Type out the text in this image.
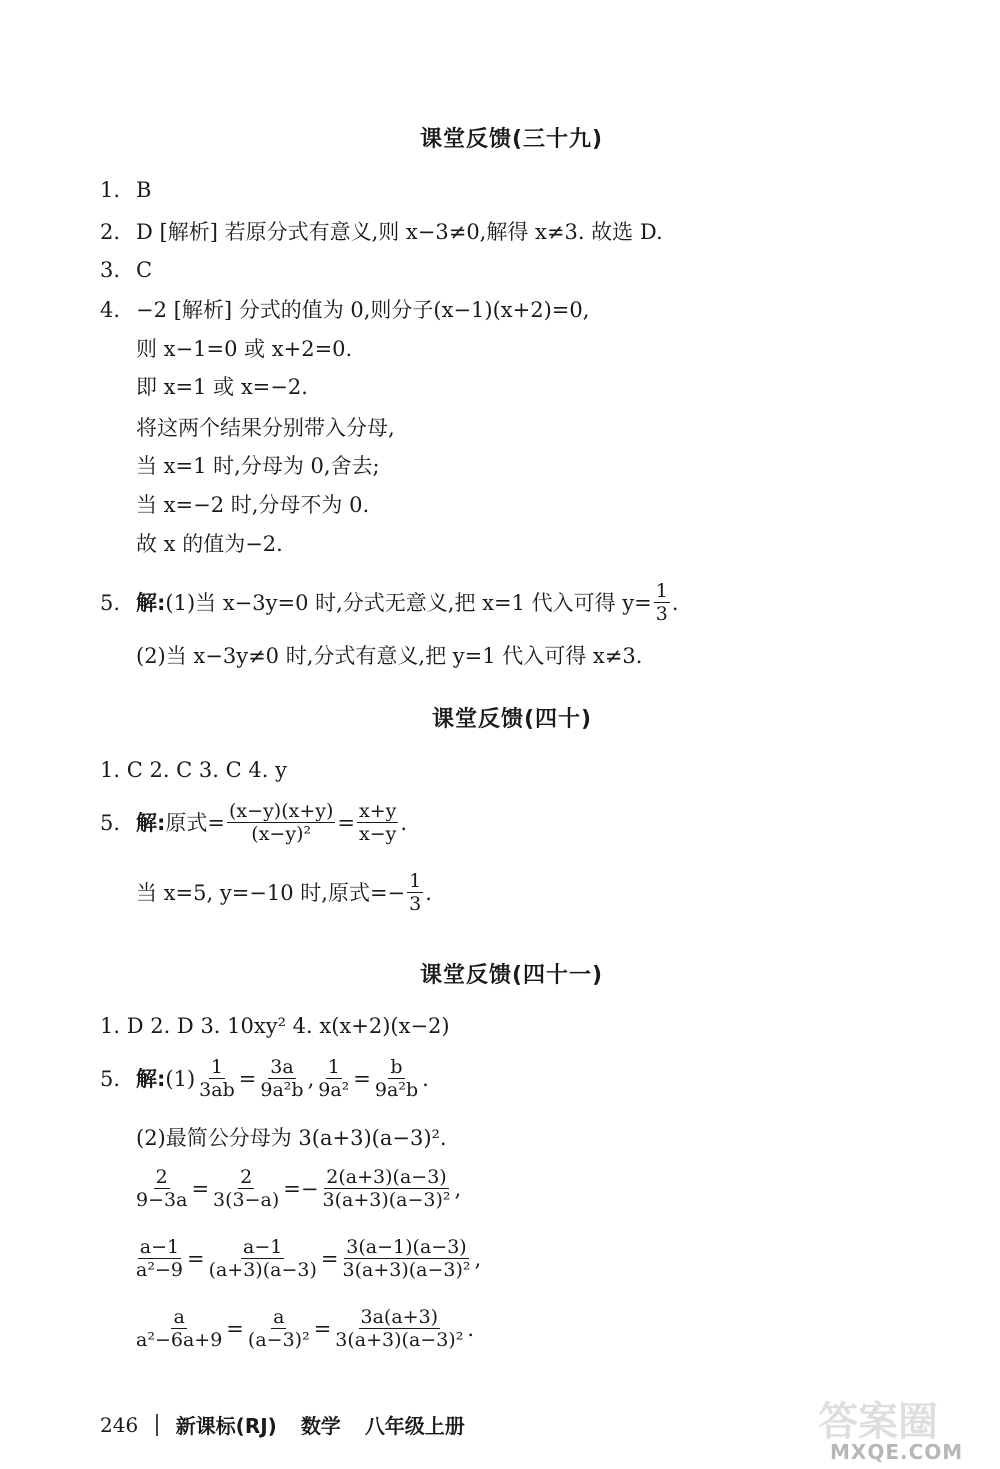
课堂反馈(三十九)
1. B
2. D [解析] 若原分式有意义,则 x−3≠0,解得 x≠3. 故选 D.
3. C
4. −2 [解析] 分式的值为 0,则分子(x−1)(x+2)=0,
则 x−1=0 或 x+2=0.
即 x=1 或 x=−2.
将这两个结果分别带入分母,
当 x=1 时,分母为 0,舍去;
当 x=−2 时,分母不为 0.
故 x 的值为−2.
5. 解: (1)当 x−3y=0 时,分式无意义,把 x=1 代入可得 $y= \frac{1}{3}$ .
(2)当 x−3y≠0 时,分式有意义,把 y=1 代入可得 x≠3.
课堂反馈(四十)
1. C 2. C 3. C 4. y
5. 解: 原式= $\frac{(x-y)(x+y)}{\text{(x−y)²}} = \frac{x+y}{x-y}$ .
当 x=5, y=−10 时,原式=− $\frac{1}{3}$ .
课堂反馈(四十一)
1. D 2. D 3. 10xy² 4. x(x+2)(x−2)
5. 解: $(1) \frac{1}{3ab} = \frac{3a}{\text{9a²b}}$ , $\frac{1}{\text{9a²}} = \frac{b}{\text{9a²b}}$ .
(2)最简公分母为 3(a+3)(a−3)².
$\frac{2}{9-3a} = \frac{2}{3(3-a)} =- \frac{2(a+3)(a-3)}{\text{3(a+3)(a−3)²}}$ ,
$\frac{a-1}{\text{a²−9}} = \frac{a-1}{(a+3)(a-3)} = \frac{3(a-1)(a-3)}{\text{3(a+3)(a−3)²}}$ ,
$\frac{a}{\text{a²−6a+9}} = \frac{a}{\text{(a−3)²}} = \frac{3a(a+3)}{\text{3(a+3)(a−3)²}}$ .
246 新课标(RJ) 数学 八年级上册	答案圈
MXQE.COM
